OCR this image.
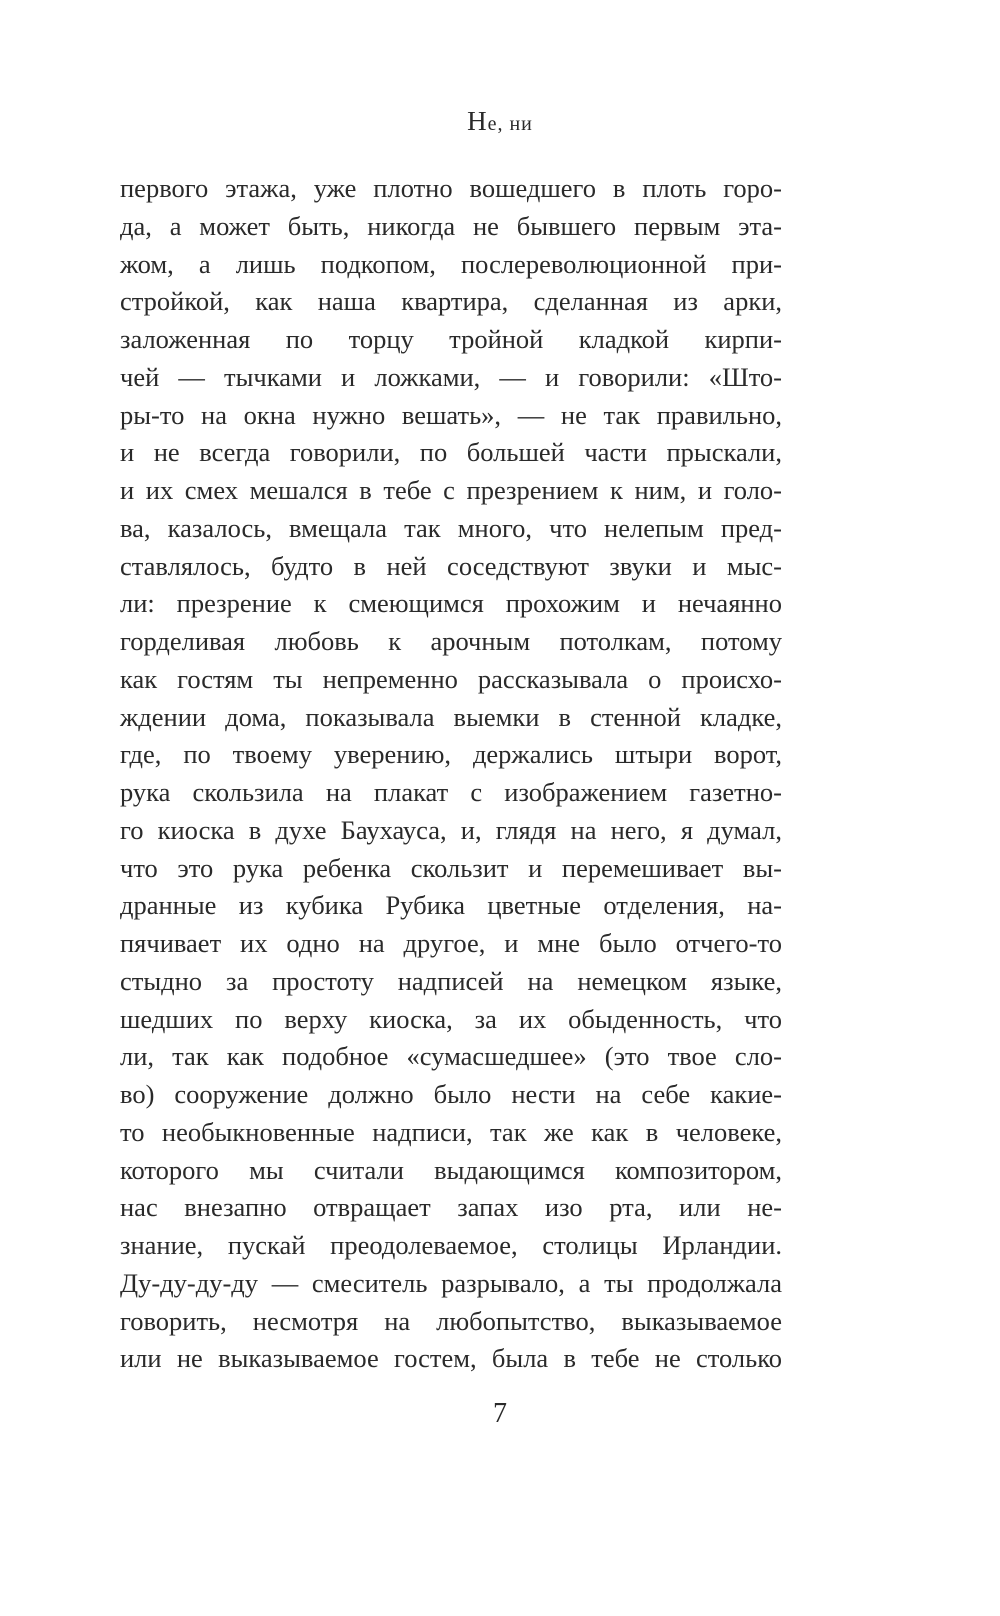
Не, ни
первого этажа, уже плотно вошедшего в плоть горо-
да, а может быть, никогда не бывшего первым эта-
жом, а лишь подкопом, послереволюционной при-
стройкой, как наша квартира, сделанная из арки,
заложенная по торцу тройной кладкой кирпи-
чей — тычками и ложками, — и говорили: «Што-
ры-то на окна нужно вешать», — не так правильно,
и не всегда говорили, по большей части прыскали,
и их смех мешался в тебе с презрением к ним, и голо-
ва, казалось, вмещала так много, что нелепым пред-
ставлялось, будто в ней соседствуют звуки и мыс-
ли: презрение к смеющимся прохожим и нечаянно
горделивая любовь к арочным потолкам, потому
как гостям ты непременно рассказывала о происхо-
ждении дома, показывала выемки в стенной кладке,
где, по твоему уверению, держались штыри ворот,
рука скользила на плакат с изображением газетно-
го киоска в духе Баухауса, и, глядя на него, я думал,
что это рука ребенка скользит и перемешивает вы-
дранные из кубика Рубика цветные отделения, на-
пячивает их одно на другое, и мне было отчего-то
стыдно за простоту надписей на немецком языке,
шедших по верху киоска, за их обыденность, что
ли, так как подобное «сумасшедшее» (это твое сло-
во) сооружение должно было нести на себе какие-
то необыкновенные надписи, так же как в человеке,
которого мы считали выдающимся композитором,
нас внезапно отвращает запах изо рта, или не-
знание, пускай преодолеваемое, столицы Ирландии.
Ду-ду-ду-ду — смеситель разрывало, а ты продолжала
говорить, несмотря на любопытство, выказываемое
или не выказываемое гостем, была в тебе не столько
7
